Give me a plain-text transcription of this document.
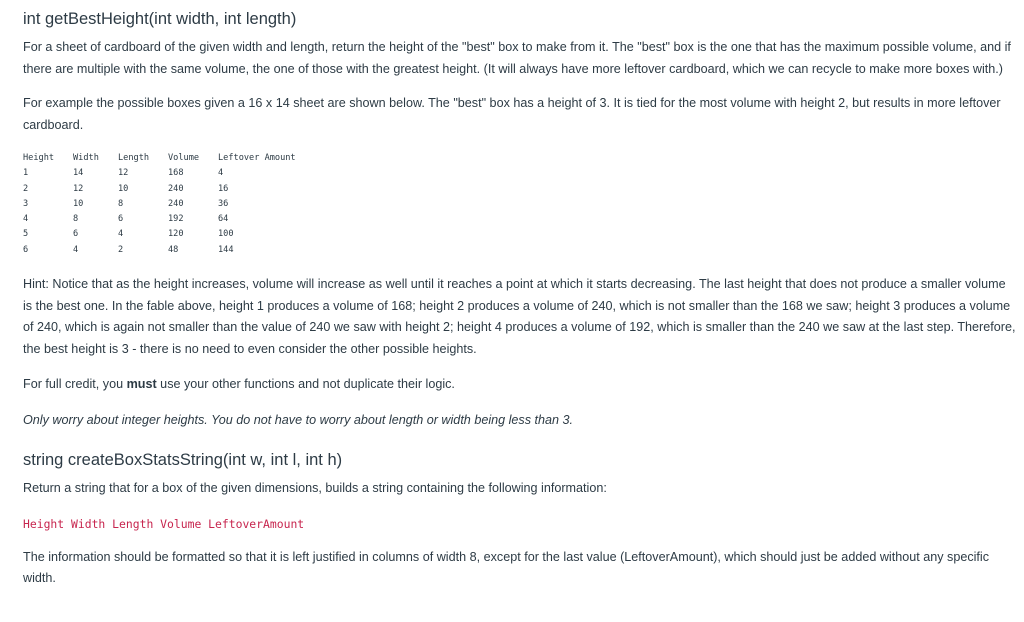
int getBestHeight(int width, int length)

For a sheet of cardboard of the given width and length, return the height of the "best" box to make from it. The "best" box is the one that has the maximum possible volume, and if there are multiple with the same volume, the one of those with the greatest height. (It will always have more leftover cardboard, which we can recycle to make more boxes with.)

For example the possible boxes given a 16 x 14 sheet are shown below. The "best" box has a height of 3. It is tied for the most volume with height 2, but results in more leftover cardboard.

Height	Width	Length	Volume	Leftover Amount
1	14	12	168	4
2	12	10	240	16
3	10	8	240	36
4	8	6	192	64
5	6	4	120	100
6	4	2	48	144

Hint: Notice that as the height increases, volume will increase as well until it reaches a point at which it starts decreasing. The last height that does not produce a smaller volume is the best one. In the fable above, height 1 produces a volume of 168; height 2 produces a volume of 240, which is not smaller than the 168 we saw; height 3 produces a volume of 240, which is again not smaller than the value of 240 we saw with height 2; height 4 produces a volume of 192, which is smaller than the 240 we saw at the last step. Therefore, the best height is 3 - there is no need to even consider the other possible heights.

For full credit, you must use your other functions and not duplicate their logic.

Only worry about integer heights. You do not have to worry about length or width being less than 3.

string createBoxStatsString(int w, int l, int h)

Return a string that for a box of the given dimensions, builds a string containing the following information:

Height Width Length Volume LeftoverAmount

The information should be formatted so that it is left justified in columns of width 8, except for the last value (LeftoverAmount), which should just be added without any specific width.
